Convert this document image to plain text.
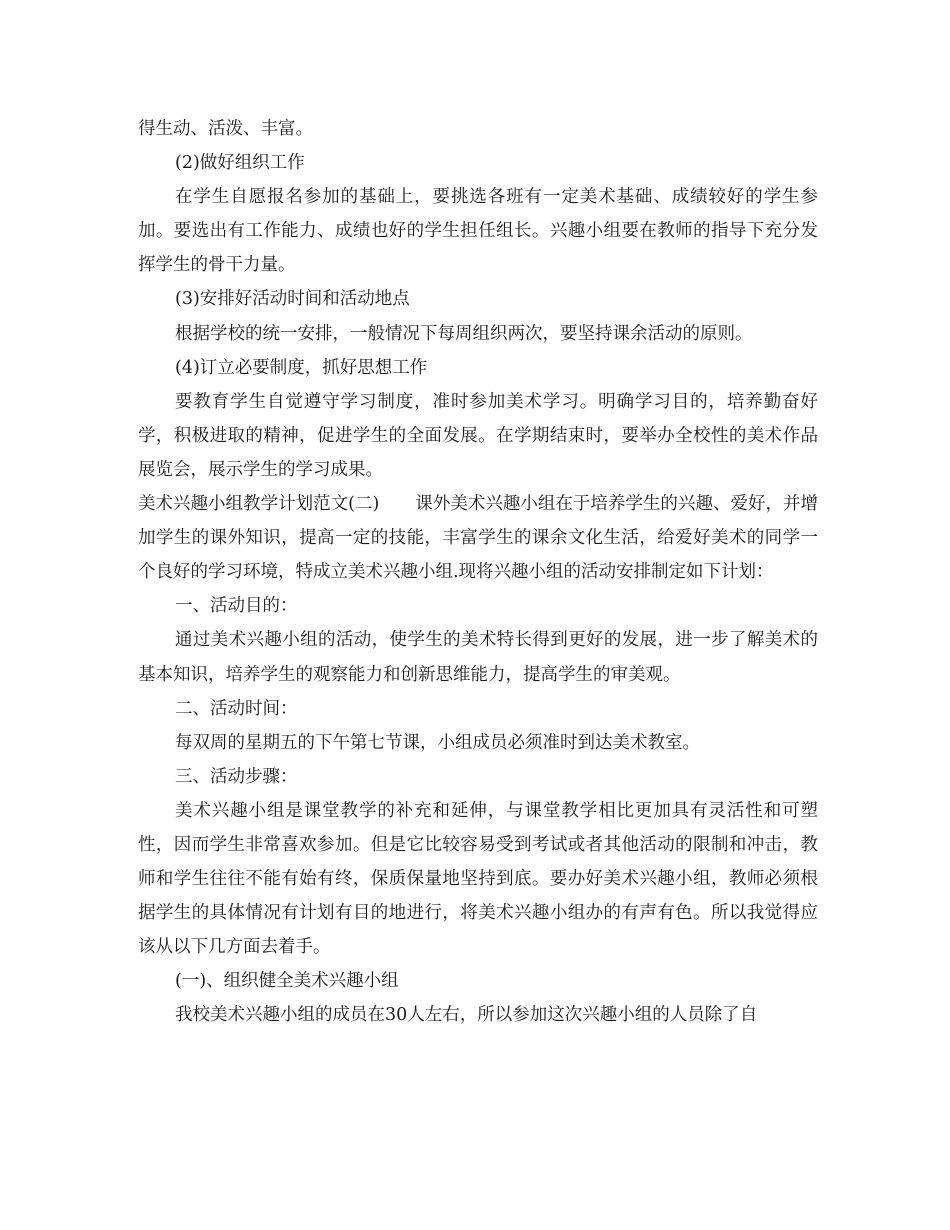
得生动、活泼、丰富。

(2)做好组织工作

在学生自愿报名参加的基础上，要挑选各班有一定美术基础、成绩较好的学生参加。要选出有工作能力、成绩也好的学生担任组长。兴趣小组要在教师的指导下充分发挥学生的骨干力量。

(3)安排好活动时间和活动地点

根据学校的统一安排，一般情况下每周组织两次，要坚持课余活动的原则。

(4)订立必要制度，抓好思想工作

要教育学生自觉遵守学习制度，准时参加美术学习。明确学习目的，培养勤奋好学，积极进取的精神，促进学生的全面发展。在学期结束时，要举办全校性的美术作品展览会，展示学生的学习成果。

美术兴趣小组教学计划范文(二) 课外美术兴趣小组在于培养学生的兴趣、爱好，并增加学生的课外知识，提高一定的技能，丰富学生的课余文化生活，给爱好美术的同学一个良好的学习环境，特成立美术兴趣小组.现将兴趣小组的活动安排制定如下计划：

一、活动目的：

通过美术兴趣小组的活动，使学生的美术特长得到更好的发展，进一步了解美术的基本知识，培养学生的观察能力和创新思维能力，提高学生的审美观。

二、活动时间：

每双周的星期五的下午第七节课，小组成员必须准时到达美术教室。

三、活动步骤：

美术兴趣小组是课堂教学的补充和延伸，与课堂教学相比更加具有灵活性和可塑性，因而学生非常喜欢参加。但是它比较容易受到考试或者其他活动的限制和冲击，教师和学生往往不能有始有终，保质保量地坚持到底。要办好美术兴趣小组，教师必须根据学生的具体情况有计划有目的地进行，将美术兴趣小组办的有声有色。所以我觉得应该从以下几方面去着手。

(一)、组织健全美术兴趣小组

我校美术兴趣小组的成员在30人左右，所以参加这次兴趣小组的人员除了自
